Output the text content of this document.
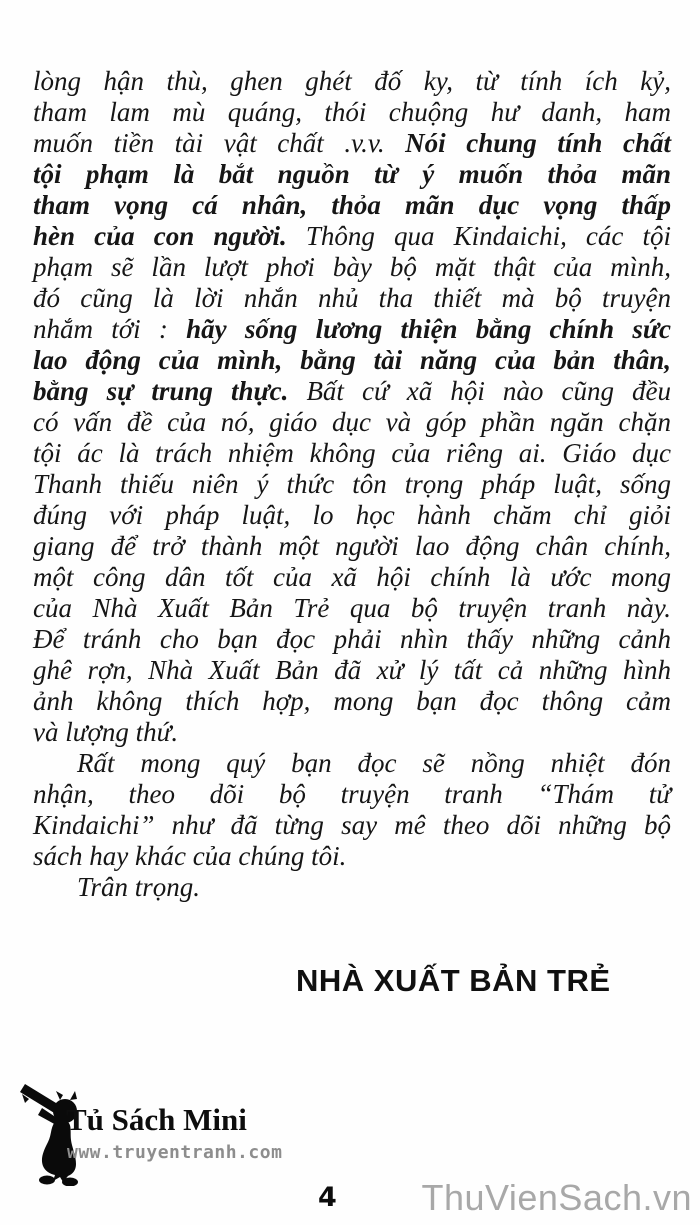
lòng hận thù, ghen ghét đố ky, từ tính ích kỷ,
tham lam mù quáng, thói chuộng hư danh, ham
muốn tiền tài vật chất .v.v. Nói chung tính chất
tội phạm là bắt nguồn từ ý muốn thỏa mãn
tham vọng cá nhân, thỏa mãn dục vọng thấp
hèn của con người. Thông qua Kindaichi, các tội
phạm sẽ lần lượt phơi bày bộ mặt thật của mình,
đó cũng là lời nhắn nhủ tha thiết mà bộ truyện
nhắm tới : hãy sống lương thiện bằng chính sức
lao động của mình, bằng tài năng của bản thân,
bằng sự trung thực. Bất cứ xã hội nào cũng đều
có vấn đề của nó, giáo dục và góp phần ngăn chặn
tội ác là trách nhiệm không của riêng ai. Giáo dục
Thanh thiếu niên ý thức tôn trọng pháp luật, sống
đúng với pháp luật, lo học hành chăm chỉ giỏi
giang để trở thành một người lao động chân chính,
một công dân tốt của xã hội chính là ước mong
của Nhà Xuất Bản Trẻ qua bộ truyện tranh này.
Để tránh cho bạn đọc phải nhìn thấy những cảnh
ghê rợn, Nhà Xuất Bản đã xử lý tất cả những hình
ảnh không thích hợp, mong bạn đọc thông cảm
và lượng thứ.
Rất mong quý bạn đọc sẽ nồng nhiệt đón
nhận, theo dõi bộ truyện tranh “Thám tử
Kindaichi” như đã từng say mê theo dõi những bộ
sách hay khác của chúng tôi.
Trân trọng.
NHÀ XUẤT BẢN TRẺ
Tủ Sách Mini
www.truyentranh.com
4 ThuVienSach.vn
